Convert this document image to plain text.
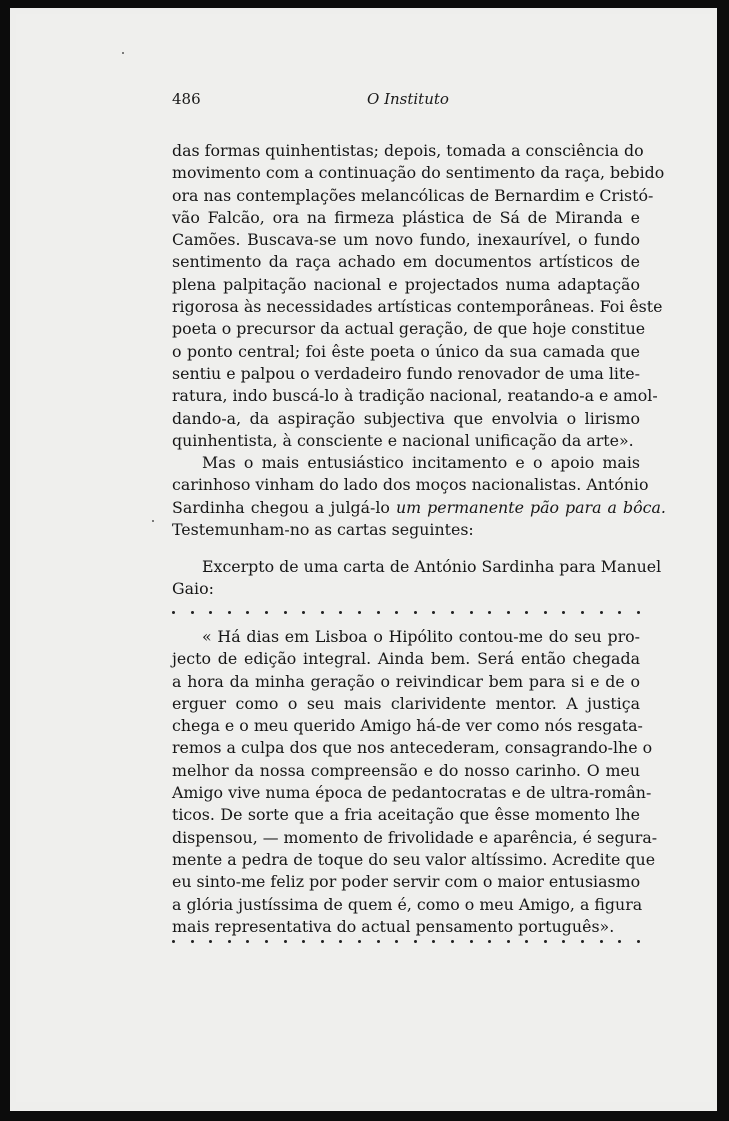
486	O Instituto
das formas quinhentistas; depois, tomada a consciência do
movimento com a continuação do sentimento da raça, bebido
ora nas contemplações melancólicas de Bernardim e Cristó-
vão Falcão, ora na firmeza plástica de Sá de Miranda e
Camões. Buscava-se um novo fundo, inexaurível, o fundo
sentimento da raça achado em documentos artísticos de
plena palpitação nacional e projectados numa adaptação
rigorosa às necessidades artísticas contemporâneas. Foi êste
poeta o precursor da actual geração, de que hoje constitue
o ponto central; foi êste poeta o único da sua camada que
sentiu e palpou o verdadeiro fundo renovador de uma lite-
ratura, indo buscá-lo à tradição nacional, reatando-a e amol-
dando-a, da aspiração subjectiva que envolvia o lirismo
quinhentista, à consciente e nacional unificação da arte».
Mas o mais entusiástico incitamento e o apoio mais
carinhoso vinham do lado dos moços nacionalistas. António
Sardinha chegou a julgá-lo um permanente pão para a bôca.
Testemunham-no as cartas seguintes:
Excerpto de uma carta de António Sardinha para Manuel
Gaio:
« Há dias em Lisboa o Hipólito contou-me do seu pro-
jecto de edição integral. Ainda bem. Será então chegada
a hora da minha geração o reivindicar bem para si e de o
erguer como o seu mais clarividente mentor. A justiça
chega e o meu querido Amigo há-de ver como nós resgata-
remos a culpa dos que nos antecederam, consagrando-lhe o
melhor da nossa compreensão e do nosso carinho. O meu
Amigo vive numa época de pedantocratas e de ultra-român-
ticos. De sorte que a fria aceitação que êsse momento lhe
dispensou, — momento de frivolidade e aparência, é segura-
mente a pedra de toque do seu valor altíssimo. Acredite que
eu sinto-me feliz por poder servir com o maior entusiasmo
a glória justíssima de quem é, como o meu Amigo, a figura
mais representativa do actual pensamento português».
